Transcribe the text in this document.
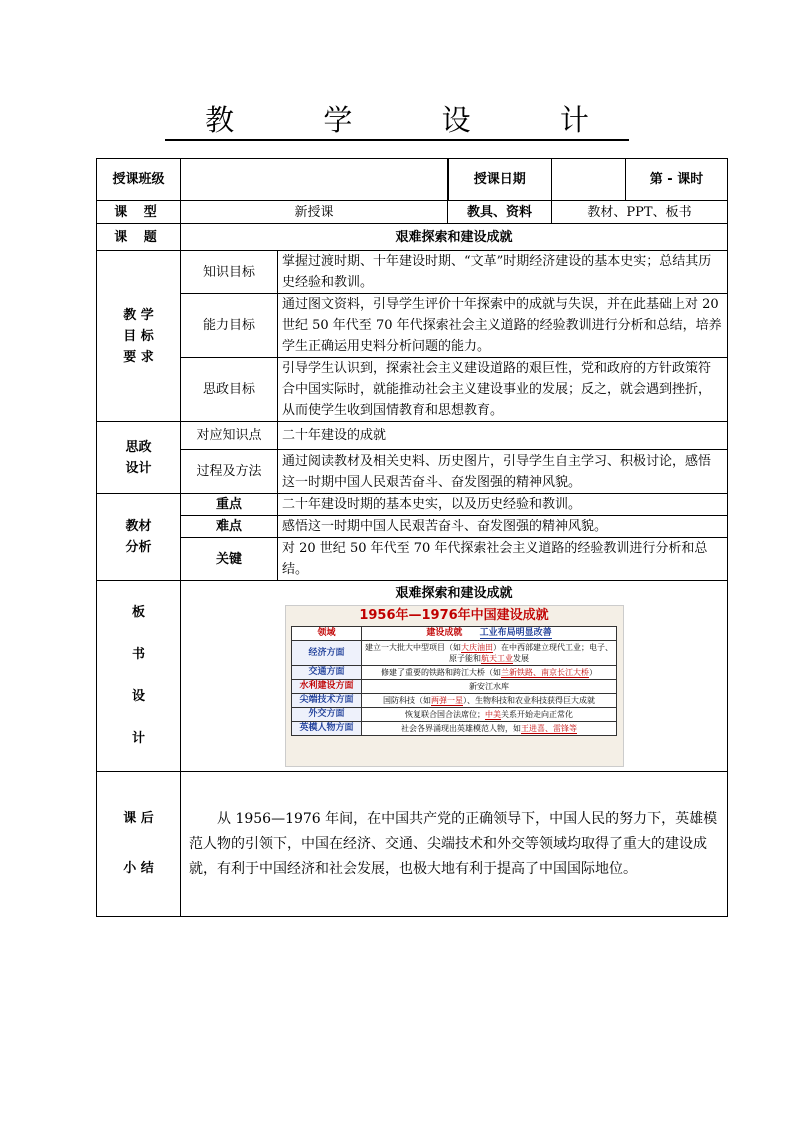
教 学 设 计
授课班级		授课日期		第 - 课时
课 型	新授课	教具、资料	教材、PPT、板书
课 题	艰难探索和建设成就

教 学
目 标
要 求
	知识目标	掌握过渡时期、十年建设时期、“文革”时期经济建设的基本史实；总结其历史经验和教训。
能力目标	通过图文资料，引导学生评价十年探索中的成就与失误，并在此基础上对 20 世纪 50 年代至 70 年代探索社会主义道路的经验教训进行分析和总结，培养学生正确运用史料分析问题的能力。
思政目标	引导学生认识到，探索社会主义建设道路的艰巨性，党和政府的方针政策符合中国实际时，就能推动社会主义建设事业的发展；反之，就会遇到挫折，从而使学生收到国情教育和思想教育。

思政
设计
	对应知识点	二十年建设的成就
过程及方法	通过阅读教材及相关史料、历史图片，引导学生自主学习、积极讨论，感悟这一时期中国人民艰苦奋斗、奋发图强的精神风貌。

教材
分析
	重点	二十年建设时期的基本史实，以及历史经验和教训。
难点	感悟这一时期中国人民艰苦奋斗、奋发图强的精神风貌。
关键	对 20 世纪 50 年代至 70 年代探索社会主义道路的经验教训进行分析和总结。

板
书
设
计

艰难探索和建设成就
1956年—1976年中国建设成就
领域	建设成就 工业布局明显改善
经济方面	建立一大批大中型项目（如大庆油田）在中西部建立现代工业；电子、原子能和航天工业发展
交通方面	修建了重要的铁路和跨江大桥（如兰新铁路、南京长江大桥）
水利建设方面	新安江水库
尖端技术方面	国防科技（如两弹一星）、生物科技和农业科技获得巨大成就
外交方面	恢复联合国合法席位；中美关系开始走向正常化
英模人物方面	社会各界涌现出英雄模范人物，如王进喜、雷锋等

课 后
小 结
	从 1956—1976 年间，在中国共产党的正确领导下，中国人民的努力下，英雄模范人物的引领下，中国在经济、交通、尖端技术和外交等领域均取得了重大的建设成就，有利于中国经济和社会发展，也极大地有利于提高了中国国际地位。
